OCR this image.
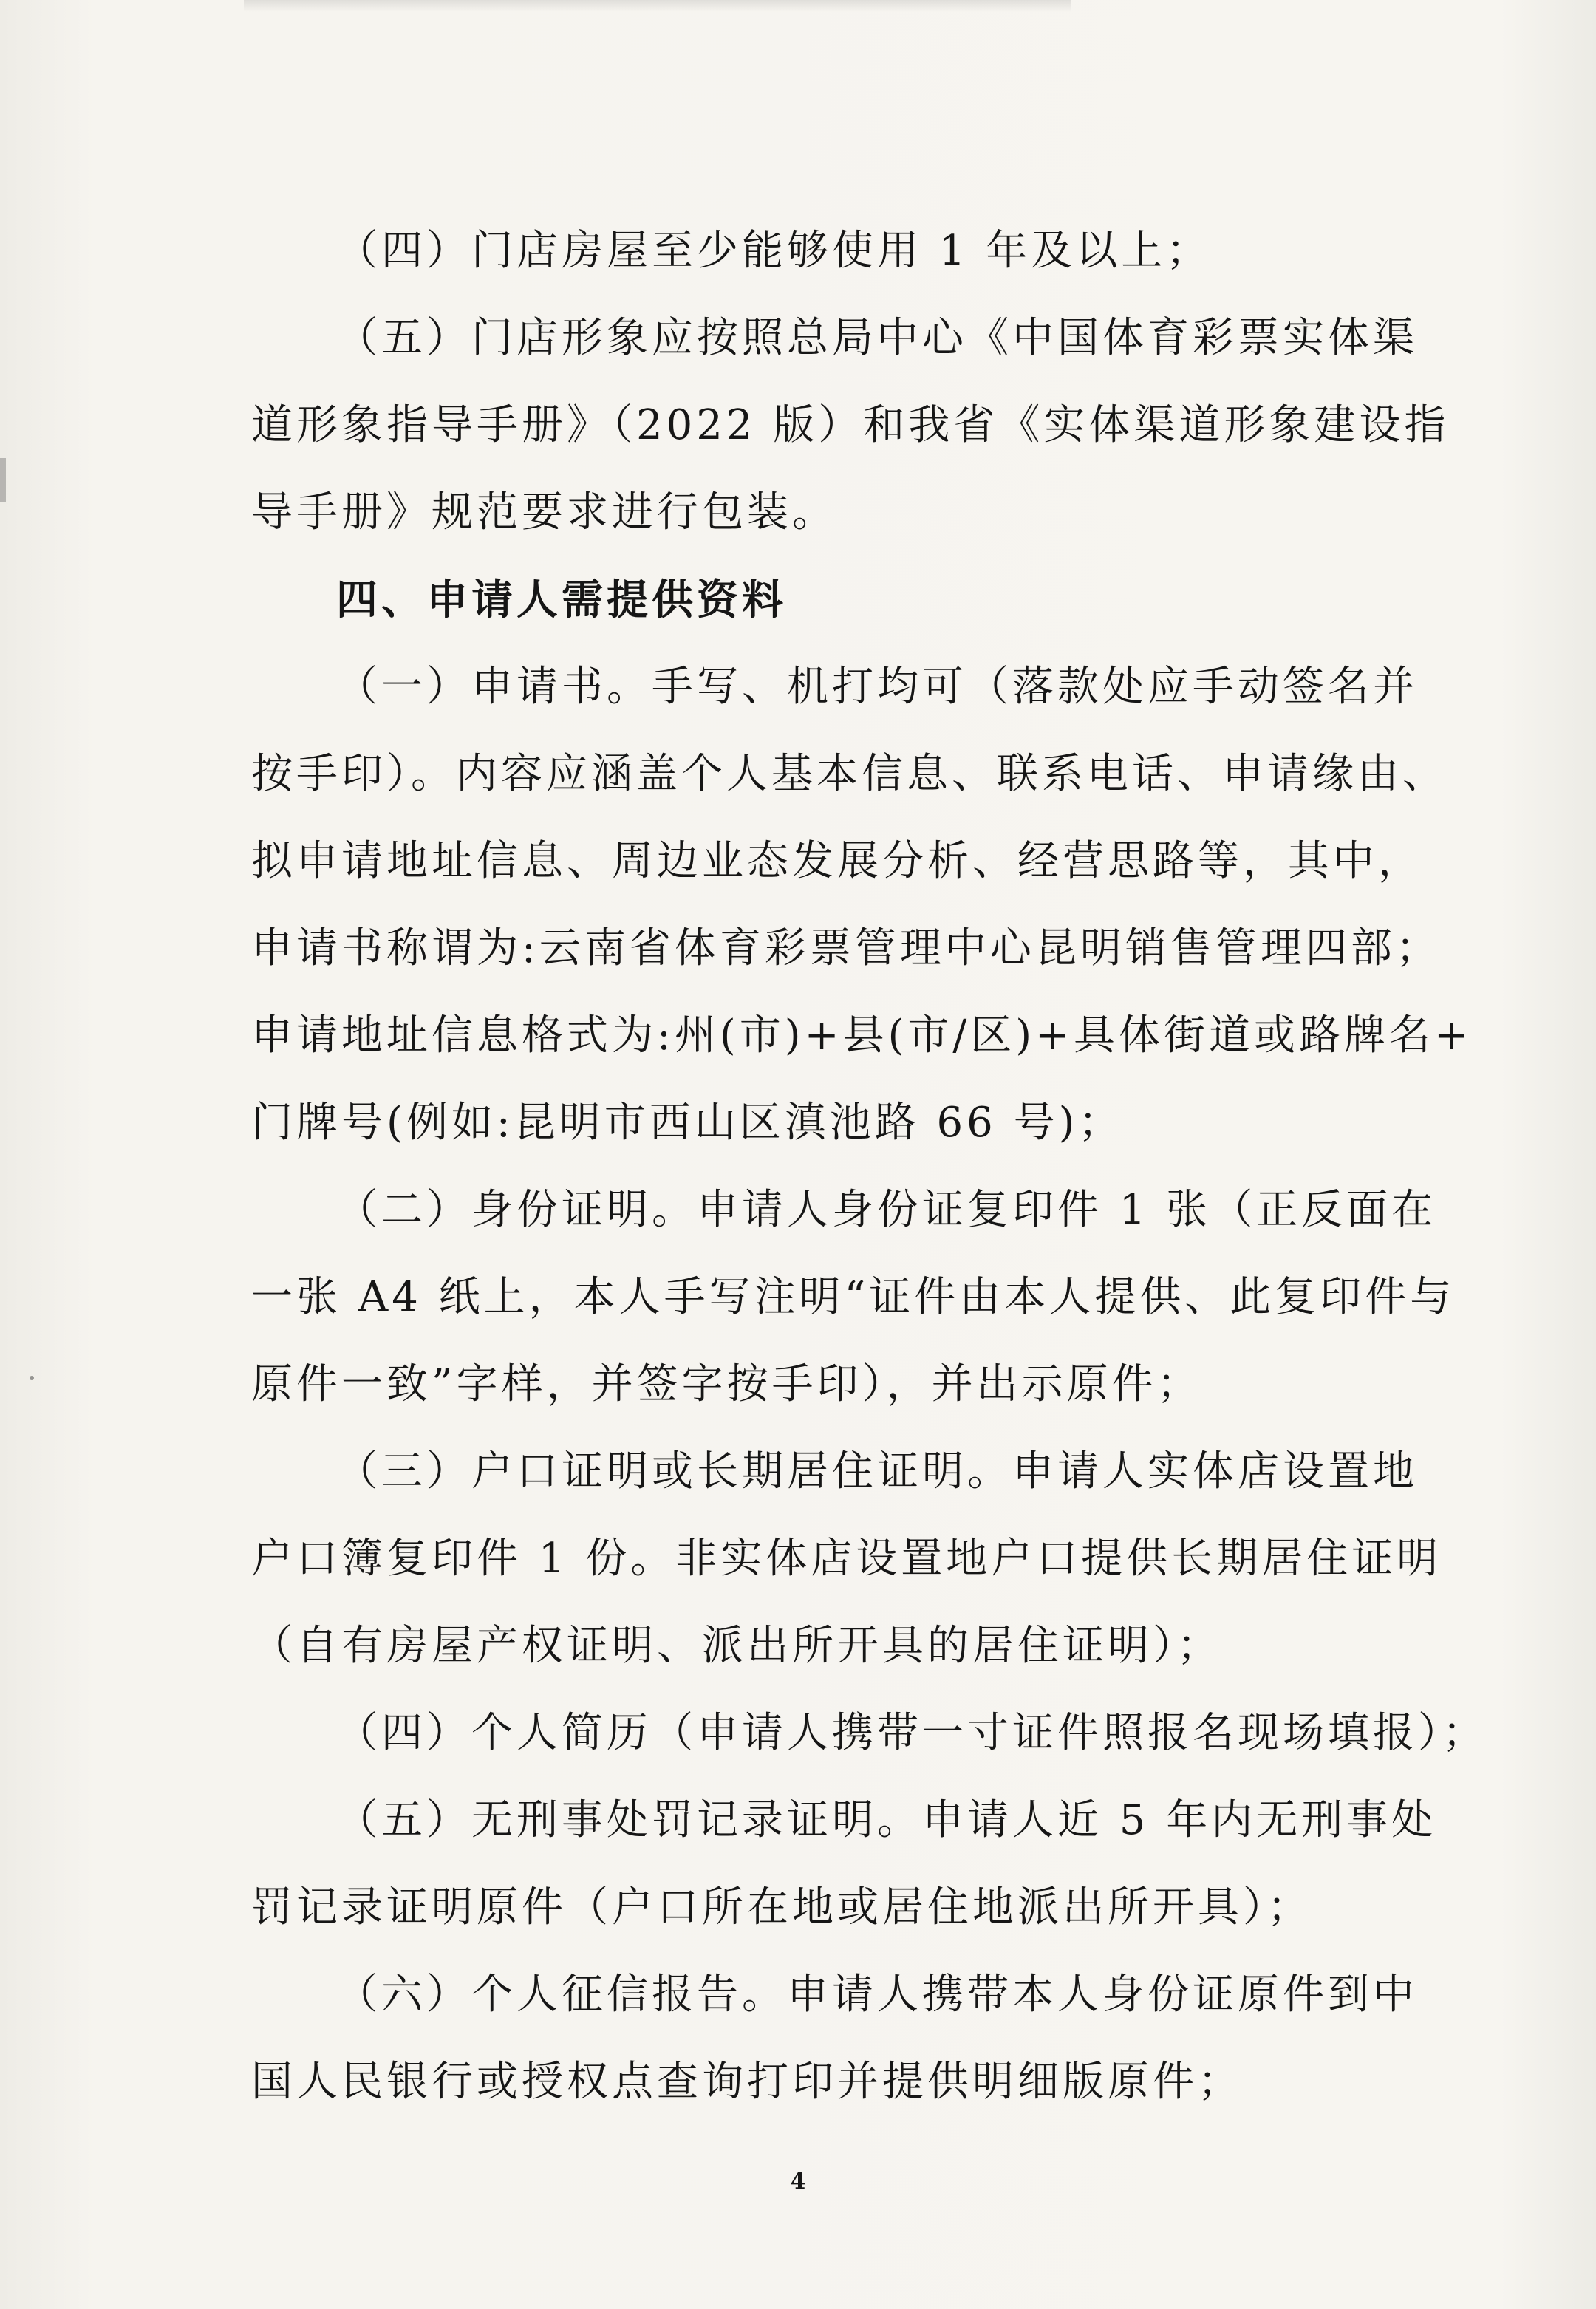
（四）门店房屋至少能够使用 1 年及以上；
（五）门店形象应按照总局中心《中国体育彩票实体渠
道形象指导手册》（2022 版）和我省《实体渠道形象建设指
导手册》规范要求进行包装。
四、申请人需提供资料
（一）申请书。手写、机打均可（落款处应手动签名并
按手印）。内容应涵盖个人基本信息、联系电话、申请缘由、
拟申请地址信息、周边业态发展分析、经营思路等，其中，
申请书称谓为:云南省体育彩票管理中心昆明销售管理四部；
申请地址信息格式为:州(市)+县(市/区)+具体街道或路牌名+
门牌号(例如:昆明市西山区滇池路 66 号)；
（二）身份证明。申请人身份证复印件 1 张（正反面在
一张 A4 纸上，本人手写注明“证件由本人提供、此复印件与
原件一致”字样，并签字按手印），并出示原件；
（三）户口证明或长期居住证明。申请人实体店设置地
户口簿复印件 1 份。非实体店设置地户口提供长期居住证明
（自有房屋产权证明、派出所开具的居住证明）；
（四）个人简历（申请人携带一寸证件照报名现场填报）；
（五）无刑事处罚记录证明。申请人近 5 年内无刑事处
罚记录证明原件（户口所在地或居住地派出所开具）；
（六）个人征信报告。申请人携带本人身份证原件到中
国人民银行或授权点查询打印并提供明细版原件；
4
